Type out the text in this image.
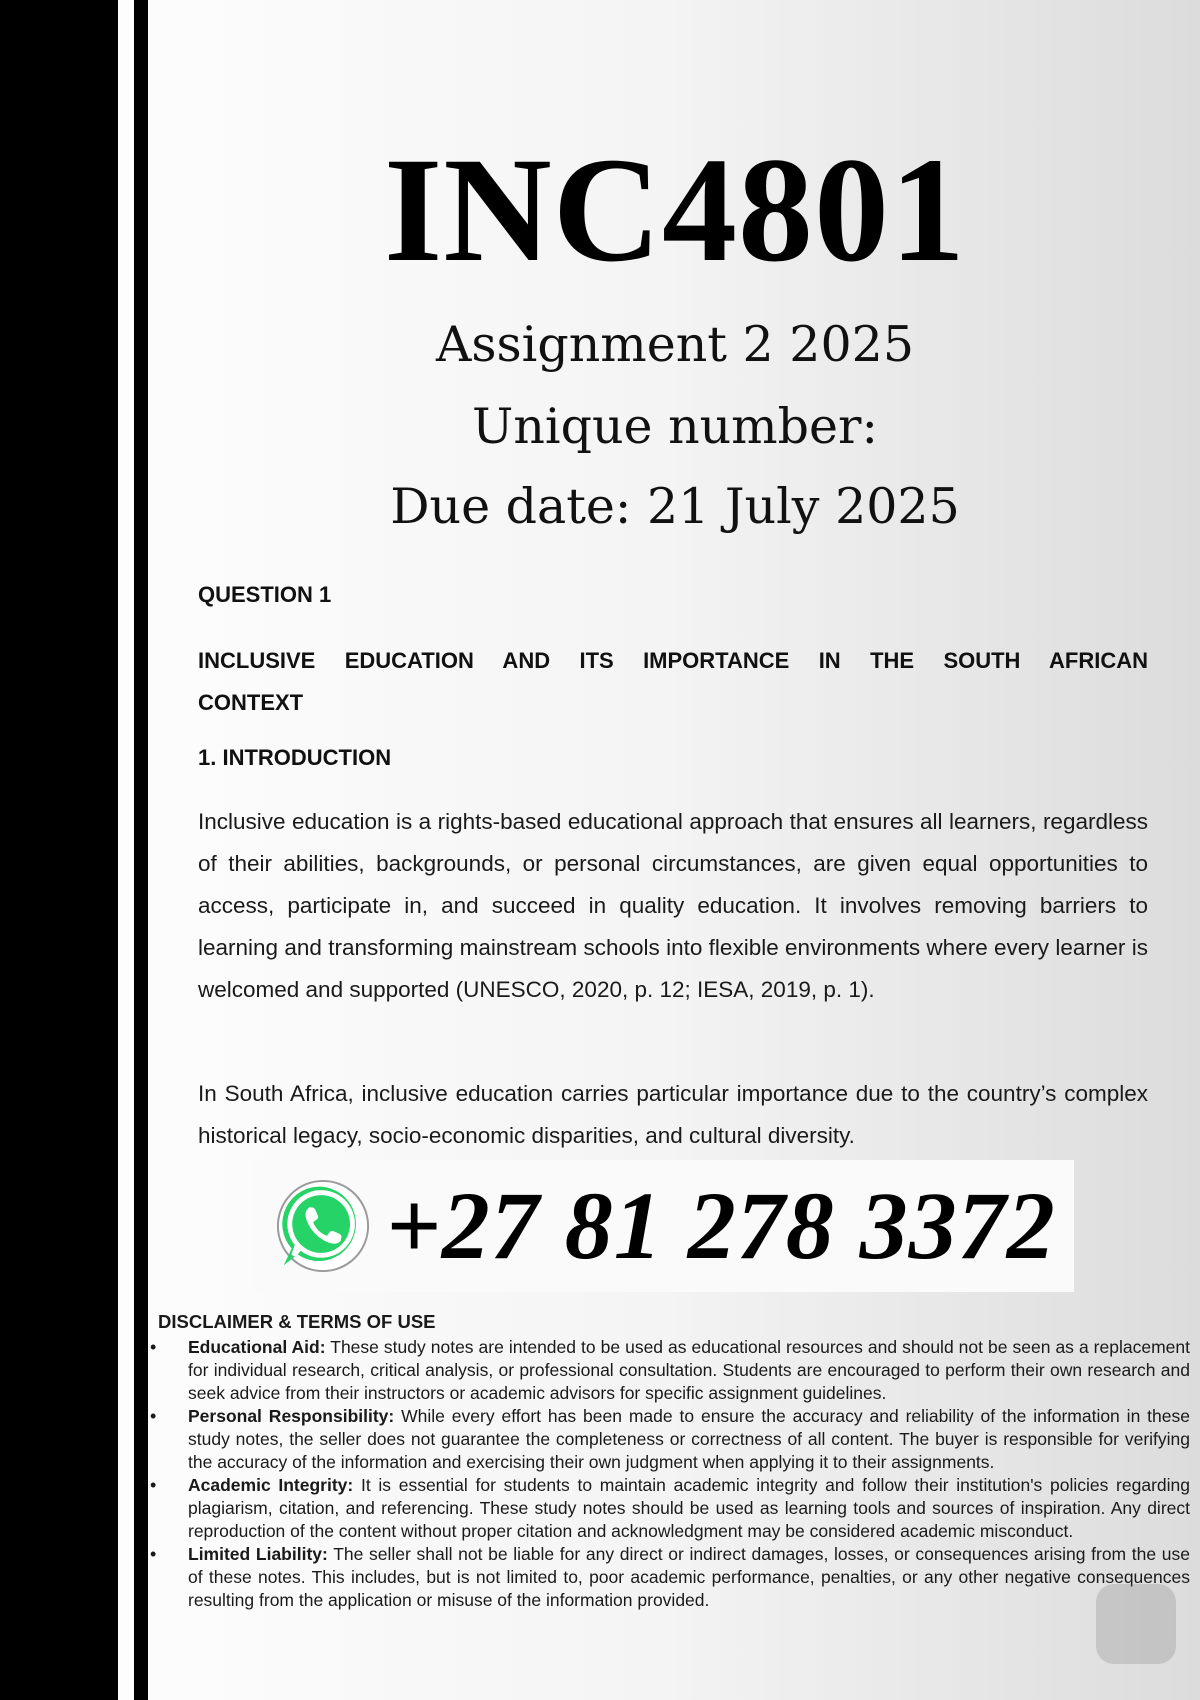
INC4801
Assignment 2 2025
Unique number:
Due date: 21 July 2025
QUESTION 1
INCLUSIVE EDUCATION AND ITS IMPORTANCE IN THE SOUTH AFRICAN CONTEXT
1. INTRODUCTION
Inclusive education is a rights-based educational approach that ensures all learners, regardless of their abilities, backgrounds, or personal circumstances, are given equal opportunities to access, participate in, and succeed in quality education. It involves removing barriers to learning and transforming mainstream schools into flexible environments where every learner is welcomed and supported (UNESCO, 2020, p. 12; IESA, 2019, p. 1).
In South Africa, inclusive education carries particular importance due to the country’s complex historical legacy, socio-economic disparities, and cultural diversity.
+27 81 278 3372
DISCLAIMER & TERMS OF USE
• Educational Aid: These study notes are intended to be used as educational resources and should not be seen as a replacement for individual research, critical analysis, or professional consultation. Students are encouraged to perform their own research and seek advice from their instructors or academic advisors for specific assignment guidelines.
• Personal Responsibility: While every effort has been made to ensure the accuracy and reliability of the information in these study notes, the seller does not guarantee the completeness or correctness of all content. The buyer is responsible for verifying the accuracy of the information and exercising their own judgment when applying it to their assignments.
• Academic Integrity: It is essential for students to maintain academic integrity and follow their institution's policies regarding plagiarism, citation, and referencing. These study notes should be used as learning tools and sources of inspiration. Any direct reproduction of the content without proper citation and acknowledgment may be considered academic misconduct.
• Limited Liability: The seller shall not be liable for any direct or indirect damages, losses, or consequences arising from the use of these notes. This includes, but is not limited to, poor academic performance, penalties, or any other negative consequences resulting from the application or misuse of the information provided.
